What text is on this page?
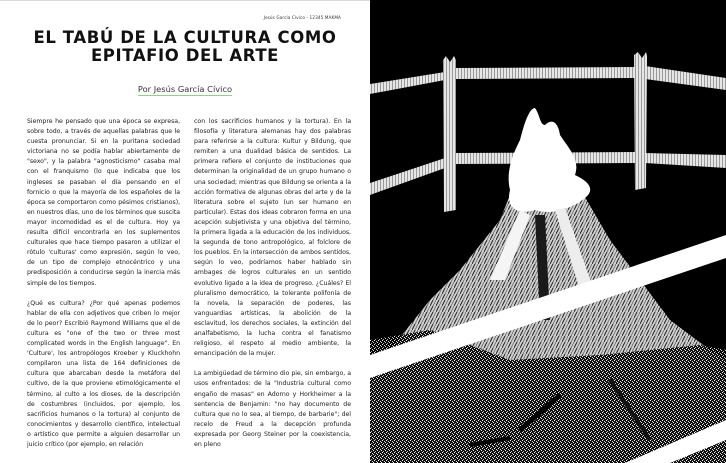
Jesús García Cívico - 12345 MAKMA
EL TABÚ DE LA CULTURA COMO
EPITAFIO DEL ARTE
Por Jesús García Cívico

Siempre he pensado que una época se expresa, sobre todo, a través de aquellas palabras que le cuesta pronunciar. Si en la puritana sociedad victoriana no se podía hablar abiertamente de "sexo", y la palabra "agnosticismo" casaba mal con el franquismo (lo que indicaba que los ingleses se pasaban el día pensando en el fornicio o que la mayoría de los españoles de la época se comportaron como pésimos cristianos), en nuestros días, uno de los términos que suscita mayor incomodidad es el de cultura. Hoy ya resulta difícil encontrarla en los suplementos culturales que hace tiempo pasaron a utilizar el rótulo 'culturas' como expresión, según lo veo, de un tipo de complejo etnocéntrico y una predisposición a conducirse según la inercia más simple de los tiempos.

¿Qué es cultura? ¿Por qué apenas podemos hablar de ella con adjetivos que criben lo mejor de lo peor? Escribió Raymond Williams que el de cultura es "one of the two or three most complicated words in the English language". En 'Culture', los antropólogos Kroeber y Kluckhohn compilaron una lista de 164 definiciones de cultura que abarcaban desde la metáfora del cultivo, de la que proviene etimológicamente el término, al culto a los dioses, de la descripción de costumbres (incluidos, por ejemplo, los sacrificios humanos o la tortura) al conjunto de conocimientos y desarrollo científico, intelectual o artístico que permite a alguien desarrollar un juicio crítico (por ejemplo, en relación

con los sacrificios humanos y la tortura). En la filosofía y literatura alemanas hay dos palabras para referirse a la cultura: Kultur y Bildung, que remiten a una dualidad básica de sentidos. La primera refiere el conjunto de instituciones que determinan la originalidad de un grupo humano o una sociedad; mientras que Bildung se orienta a la acción formativa de algunas obras del arte y de la literatura sobre el sujeto (un ser humano en particular). Estas dos ideas cobraron forma en una acepción subjetivista y una objetiva del término, la primera ligada a la educación de los individuos, la segunda de tono antropológico, al folclore de los pueblos. En la intersección de ambos sentidos, según lo veo, podríamos haber hablado sin ambages de logros culturales en un sentido evolutivo ligado a la idea de progreso. ¿Cuáles? El pluralismo democrático, la tolerante polifonía de la novela, la separación de poderes, las vanguardias artísticas, la abolición de la esclavitud, los derechos sociales, la extinción del analfabetismo, la lucha contra el fanatismo religioso, el respeto al medio ambiente, la emancipación de la mujer.

La ambigüedad de término dio pie, sin embargo, a usos enfrentados: de la "Industria cultural como engaño de masas" en Adorno y Horkheimer a la sentencia de Benjamin: "no hay documento de cultura que no lo sea, al tiempo, de barbarie"; del recelo de Freud a la decepción profunda expresada por Georg Steiner por la coexistencia, en pleno
